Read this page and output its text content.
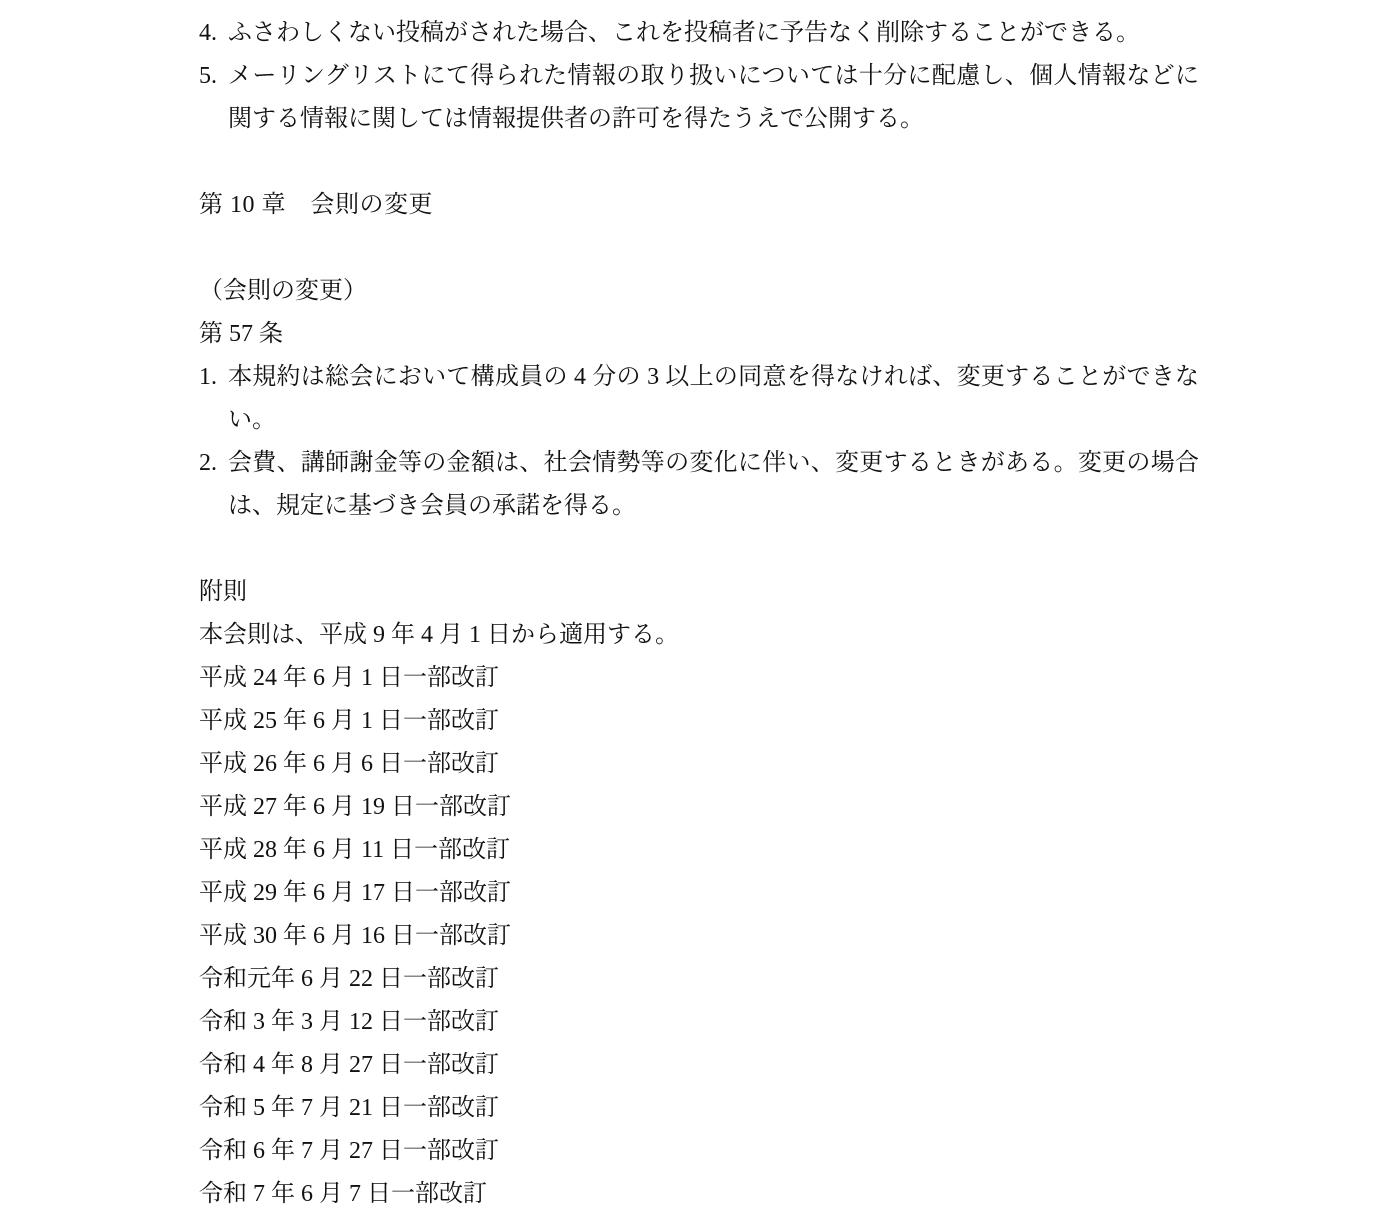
4. ふさわしくない投稿がされた場合、これを投稿者に予告なく削除することができる。
5. メーリングリストにて得られた情報の取り扱いについては十分に配慮し、個人情報などに関する情報に関しては情報提供者の許可を得たうえで公開する。

第 10 章　会則の変更

（会則の変更）

第 57 条

1. 本規約は総会において構成員の 4 分の 3 以上の同意を得なければ、変更することができない。
2. 会費、講師謝金等の金額は、社会情勢等の変化に伴い、変更するときがある。変更の場合は、規定に基づき会員の承諾を得る。

附則

本会則は、平成 9 年 4 月 1 日から適用する。

平成 24 年 6 月 1 日一部改訂

平成 25 年 6 月 1 日一部改訂

平成 26 年 6 月 6 日一部改訂

平成 27 年 6 月 19 日一部改訂

平成 28 年 6 月 11 日一部改訂

平成 29 年 6 月 17 日一部改訂

平成 30 年 6 月 16 日一部改訂

令和元年 6 月 22 日一部改訂

令和 3 年 3 月 12 日一部改訂

令和 4 年 8 月 27 日一部改訂

令和 5 年 7 月 21 日一部改訂

令和 6 年 7 月 27 日一部改訂

令和 7 年 6 月 7 日一部改訂
